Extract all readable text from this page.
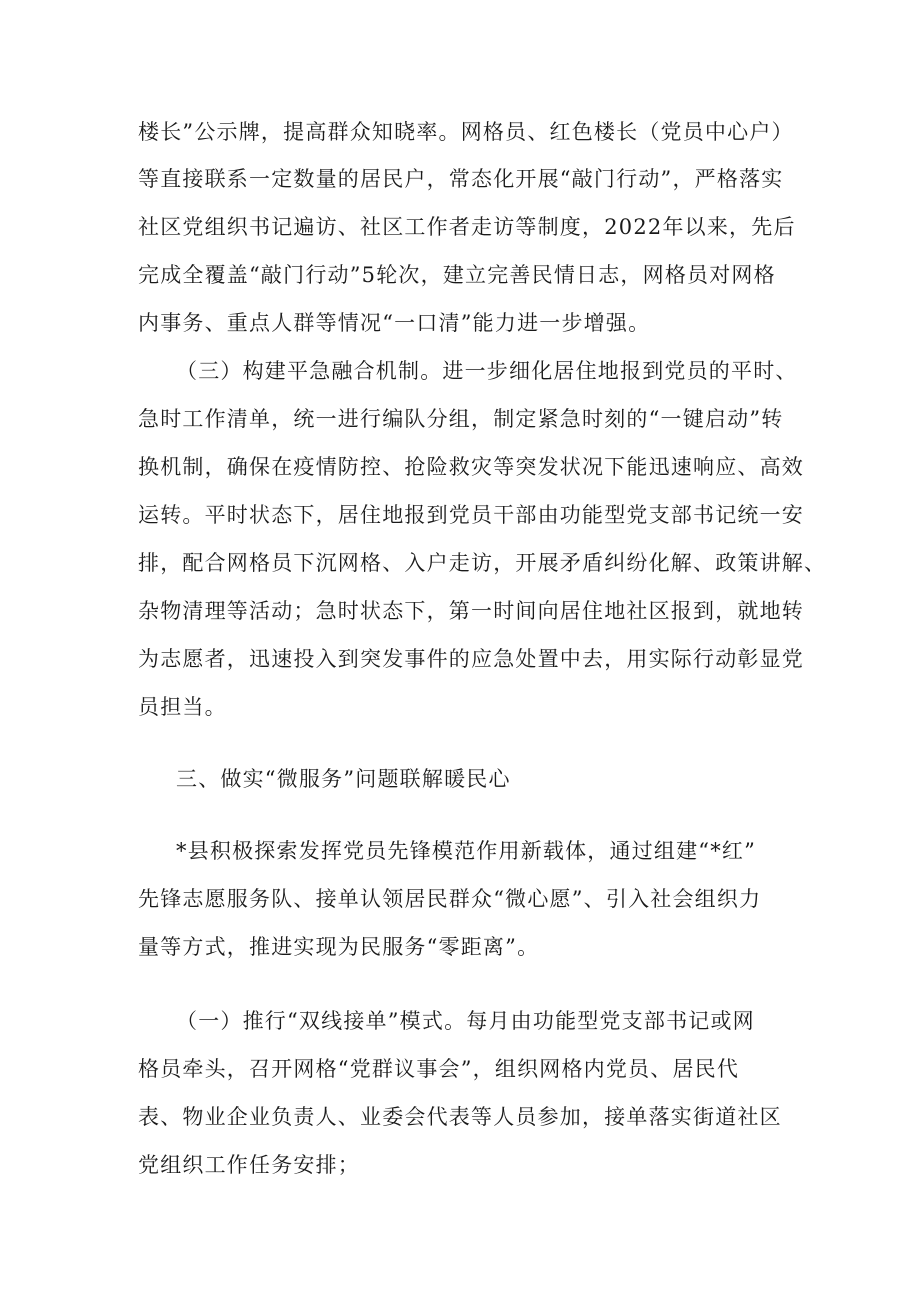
楼长”公示牌，提高群众知晓率。网格员、红色楼长（党员中心户）
等直接联系一定数量的居民户，常态化开展“敲门行动”，严格落实
社区党组织书记遍访、社区工作者走访等制度，2022年以来，先后
完成全覆盖“敲门行动”5轮次，建立完善民情日志，网格员对网格
内事务、重点人群等情况“一口清”能力进一步增强。
（三）构建平急融合机制。进一步细化居住地报到党员的平时、
急时工作清单，统一进行编队分组，制定紧急时刻的“一键启动”转
换机制，确保在疫情防控、抢险救灾等突发状况下能迅速响应、高效
运转。平时状态下，居住地报到党员干部由功能型党支部书记统一安
排，配合网格员下沉网格、入户走访，开展矛盾纠纷化解、政策讲解、
杂物清理等活动；急时状态下，第一时间向居住地社区报到，就地转
为志愿者，迅速投入到突发事件的应急处置中去，用实际行动彰显党
员担当。
三、做实“微服务”问题联解暖民心
*县积极探索发挥党员先锋模范作用新载体，通过组建“*红”
先锋志愿服务队、接单认领居民群众“微心愿”、引入社会组织力
量等方式，推进实现为民服务“零距离”。
（一）推行“双线接单”模式。每月由功能型党支部书记或网
格员牵头，召开网格“党群议事会”，组织网格内党员、居民代
表、物业企业负责人、业委会代表等人员参加，接单落实街道社区
党组织工作任务安排；
